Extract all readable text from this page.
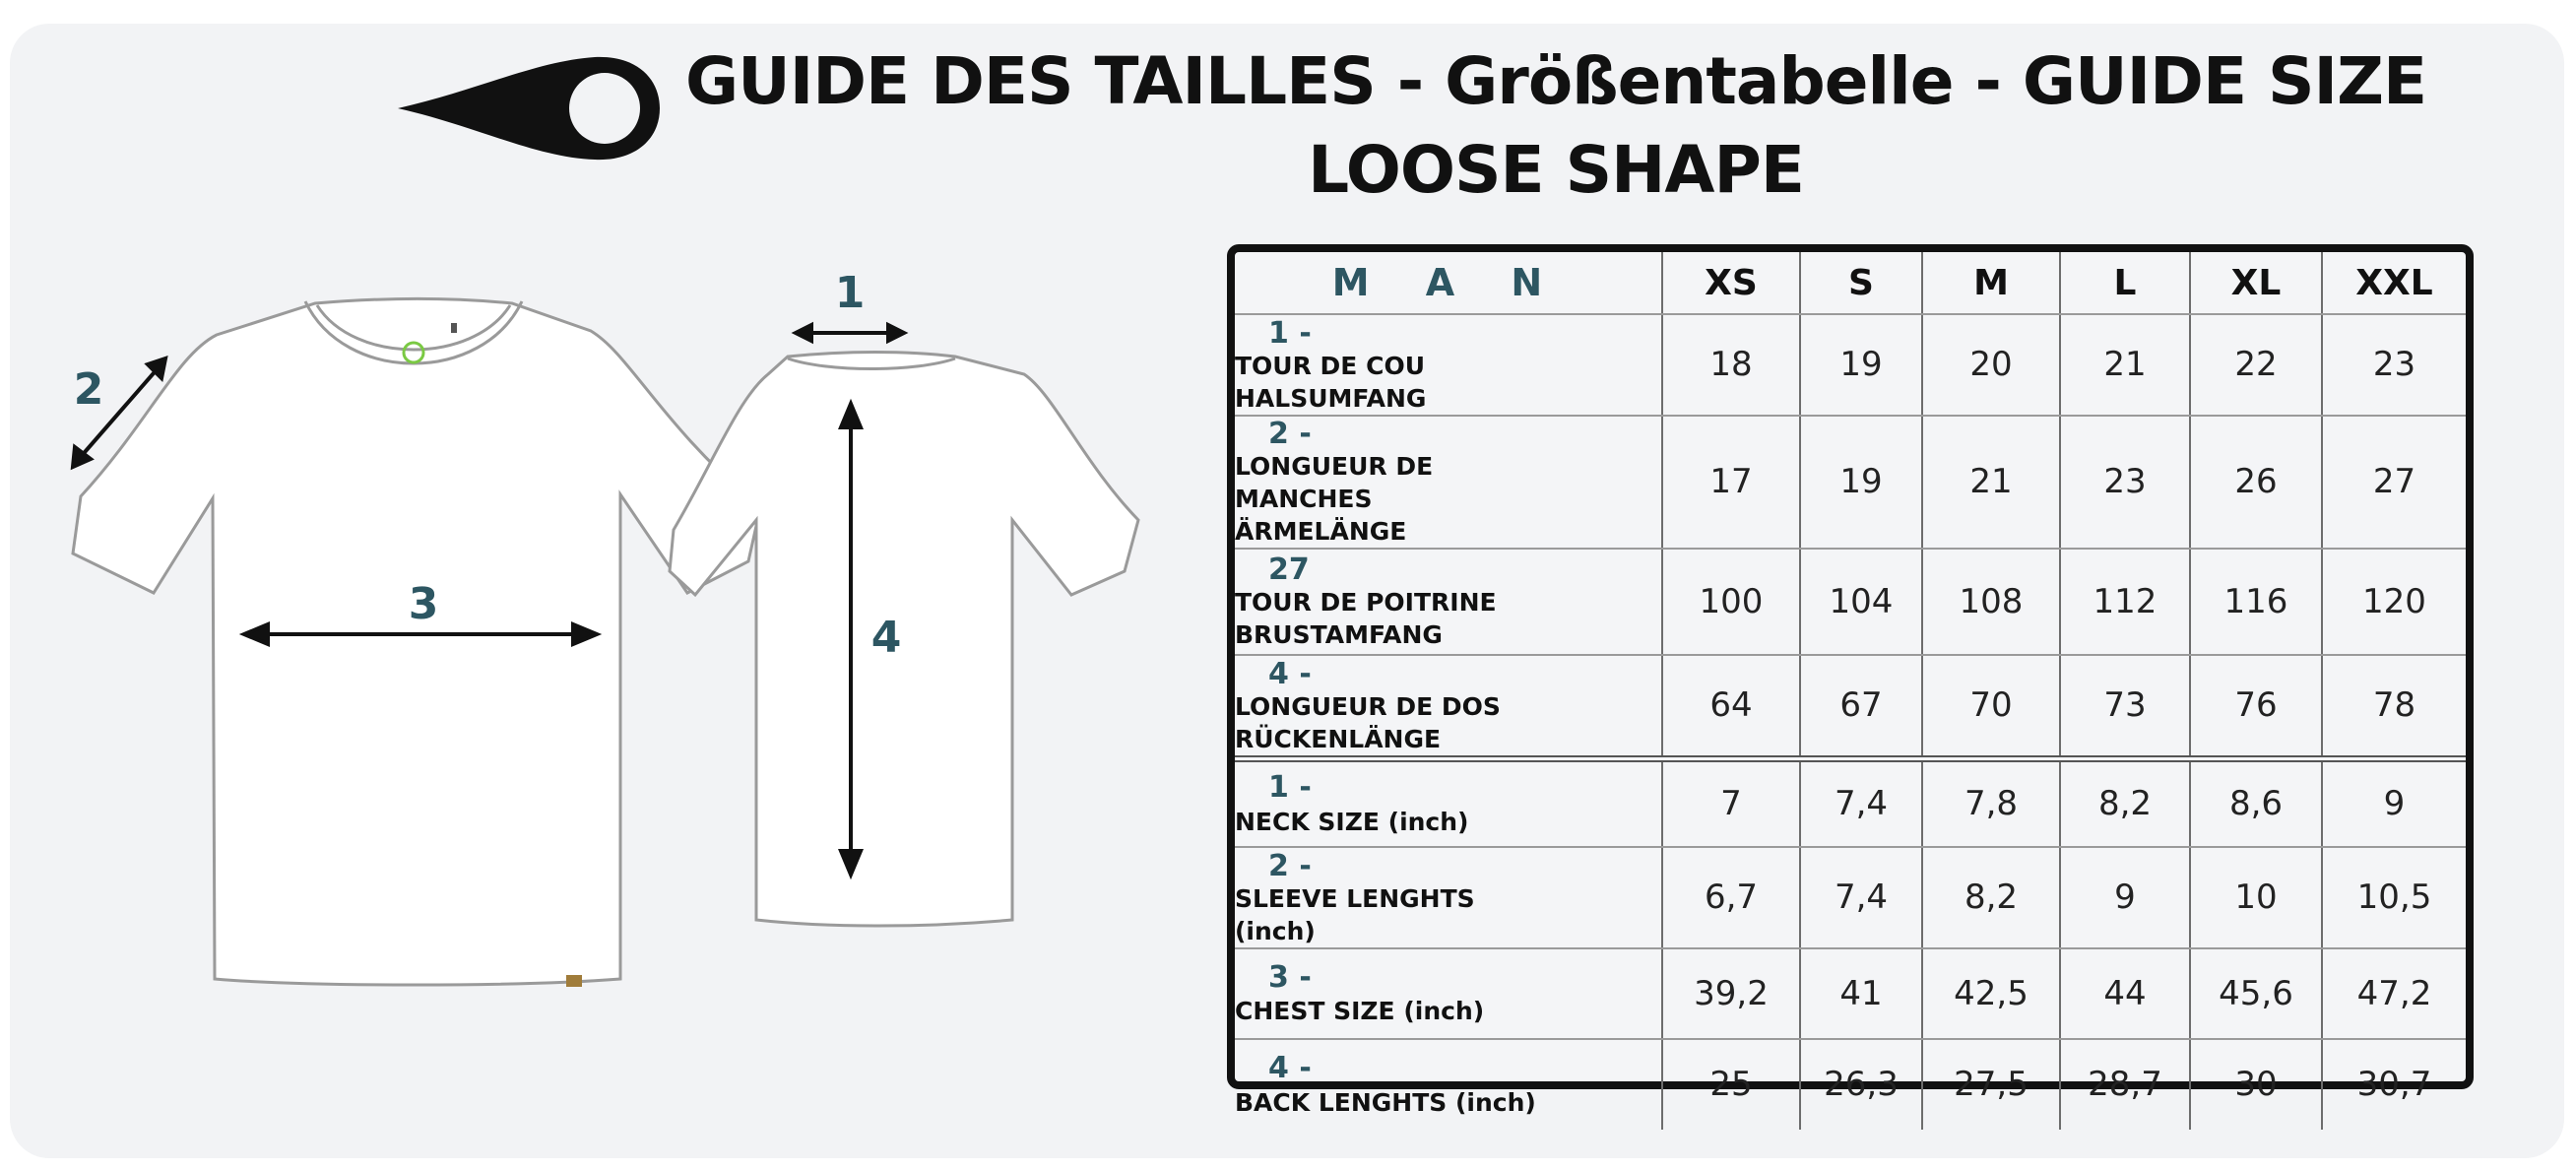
GUIDE DES TAILLES - Größentabelle - GUIDE SIZE
LOOSE SHAPE
1
2
3
4
M A N	XS	S	M	L	XL	XXL
1 -TOUR DE COU
HALSUMFANG	18	19	20	21	22	23
2 -LONGUEUR DE
MANCHES
ÄRMELÄNGE	17	19	21	23	26	27
27TOUR DE POITRINE
BRUSTAMFANG	100	104	108	112	116	120
4 -LONGUEUR DE DOS
RÜCKENLÄNGE	64	67	70	73	76	78
1 -NECK SIZE (inch)	7	7,4	7,8	8,2	8,6	9
2 -SLEEVE LENGHTS (inch)	6,7	7,4	8,2	9	10	10,5
3 -CHEST SIZE (inch)	39,2	41	42,5	44	45,6	47,2
4 -BACK LENGHTS (inch)	25	26,3	27,5	28,7	30	30,7
